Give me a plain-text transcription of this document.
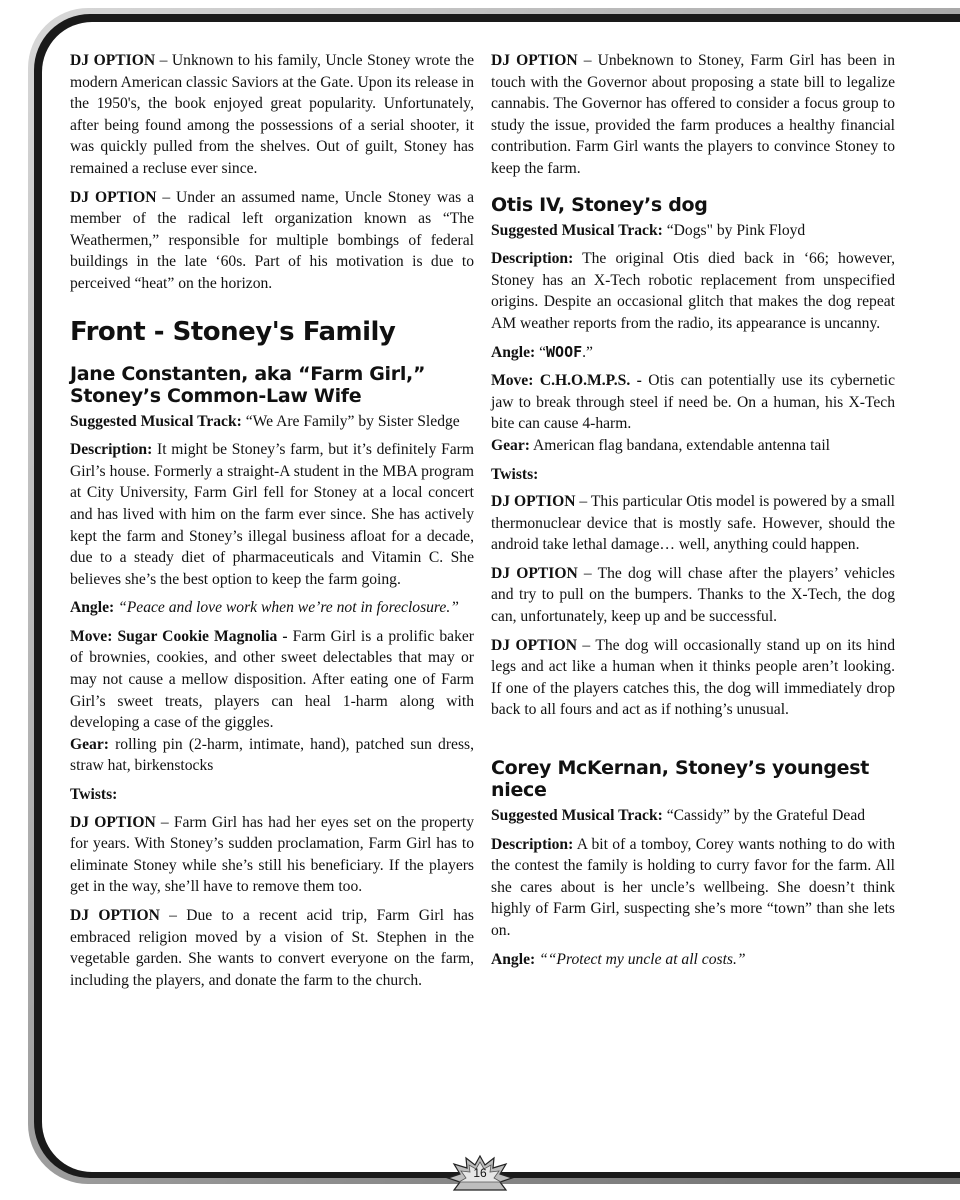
DJ OPTION – Unknown to his family, Uncle Stoney wrote the modern American classic Saviors at the Gate. Upon its release in the 1950's, the book enjoyed great popularity. Unfortunately, after being found among the possessions of a serial shooter, it was quickly pulled from the shelves. Out of guilt, Stoney has remained a recluse ever since.

DJ OPTION – Under an assumed name, Uncle Stoney was a member of the radical left organization known as “The Weathermen,” responsible for multiple bombings of federal buildings in the late ‘60s. Part of his motivation is due to perceived “heat” on the horizon.

Front - Stoney's Family
Jane Constanten, aka “Farm Girl,” Stoney’s Common-Law Wife

Suggested Musical Track: “We Are Family” by Sister Sledge

Description: It might be Stoney’s farm, but it’s definitely Farm Girl’s house. Formerly a straight-A student in the MBA program at City University, Farm Girl fell for Stoney at a local concert and has lived with him on the farm ever since. She has actively kept the farm and Stoney’s illegal business afloat for a decade, due to a steady diet of pharmaceuticals and Vitamin C. She believes she’s the best option to keep the farm going.

Angle: “Peace and love work when we’re not in foreclosure.”

Move: Sugar Cookie Magnolia - Farm Girl is a prolific baker of brownies, cookies, and other sweet delectables that may or may not cause a mellow disposition. After eating one of Farm Girl’s sweet treats, players can heal 1-harm along with developing a case of the giggles.

Gear: rolling pin (2-harm, intimate, hand), patched sun dress, straw hat, birkenstocks

Twists:

DJ OPTION – Farm Girl has had her eyes set on the property for years. With Stoney’s sudden proclamation, Farm Girl has to eliminate Stoney while she’s still his beneficiary. If the players get in the way, she’ll have to remove them too.

DJ OPTION – Due to a recent acid trip, Farm Girl has embraced religion moved by a vision of St. Stephen in the vegetable garden. She wants to convert everyone on the farm, including the players, and donate the farm to the church.

DJ OPTION – Unbeknown to Stoney, Farm Girl has been in touch with the Governor about proposing a state bill to legalize cannabis. The Governor has offered to consider a focus group to study the issue, provided the farm produces a healthy financial contribution. Farm Girl wants the players to convince Stoney to keep the farm.

Otis IV, Stoney’s dog

Suggested Musical Track: “Dogs" by Pink Floyd

Description: The original Otis died back in ‘66; however, Stoney has an X-Tech robotic replacement from unspecified origins. Despite an occasional glitch that makes the dog repeat AM weather reports from the radio, its appearance is uncanny.

Angle: “WOOF.”

Move: C.H.O.M.P.S. - Otis can potentially use its cybernetic jaw to break through steel if need be. On a human, his X-Tech bite can cause 4-harm.

Gear: American flag bandana, extendable antenna tail

Twists:

DJ OPTION – This particular Otis model is powered by a small thermonuclear device that is mostly safe. However, should the android take lethal damage… well, anything could happen.

DJ OPTION – The dog will chase after the players’ vehicles and try to pull on the bumpers. Thanks to the X-Tech, the dog can, unfortunately, keep up and be successful.

DJ OPTION – The dog will occasionally stand up on its hind legs and act like a human when it thinks people aren’t looking. If one of the players catches this, the dog will immediately drop back to all fours and act as if nothing’s unusual.

Corey McKernan, Stoney’s youngest niece

Suggested Musical Track: “Cassidy” by the Grateful Dead

Description: A bit of a tomboy, Corey wants nothing to do with the contest the family is holding to curry favor for the farm. All she cares about is her uncle’s wellbeing. She doesn’t think highly of Farm Girl, suspecting she’s more “town” than she lets on.

Angle: ““Protect my uncle at all costs.”

16
